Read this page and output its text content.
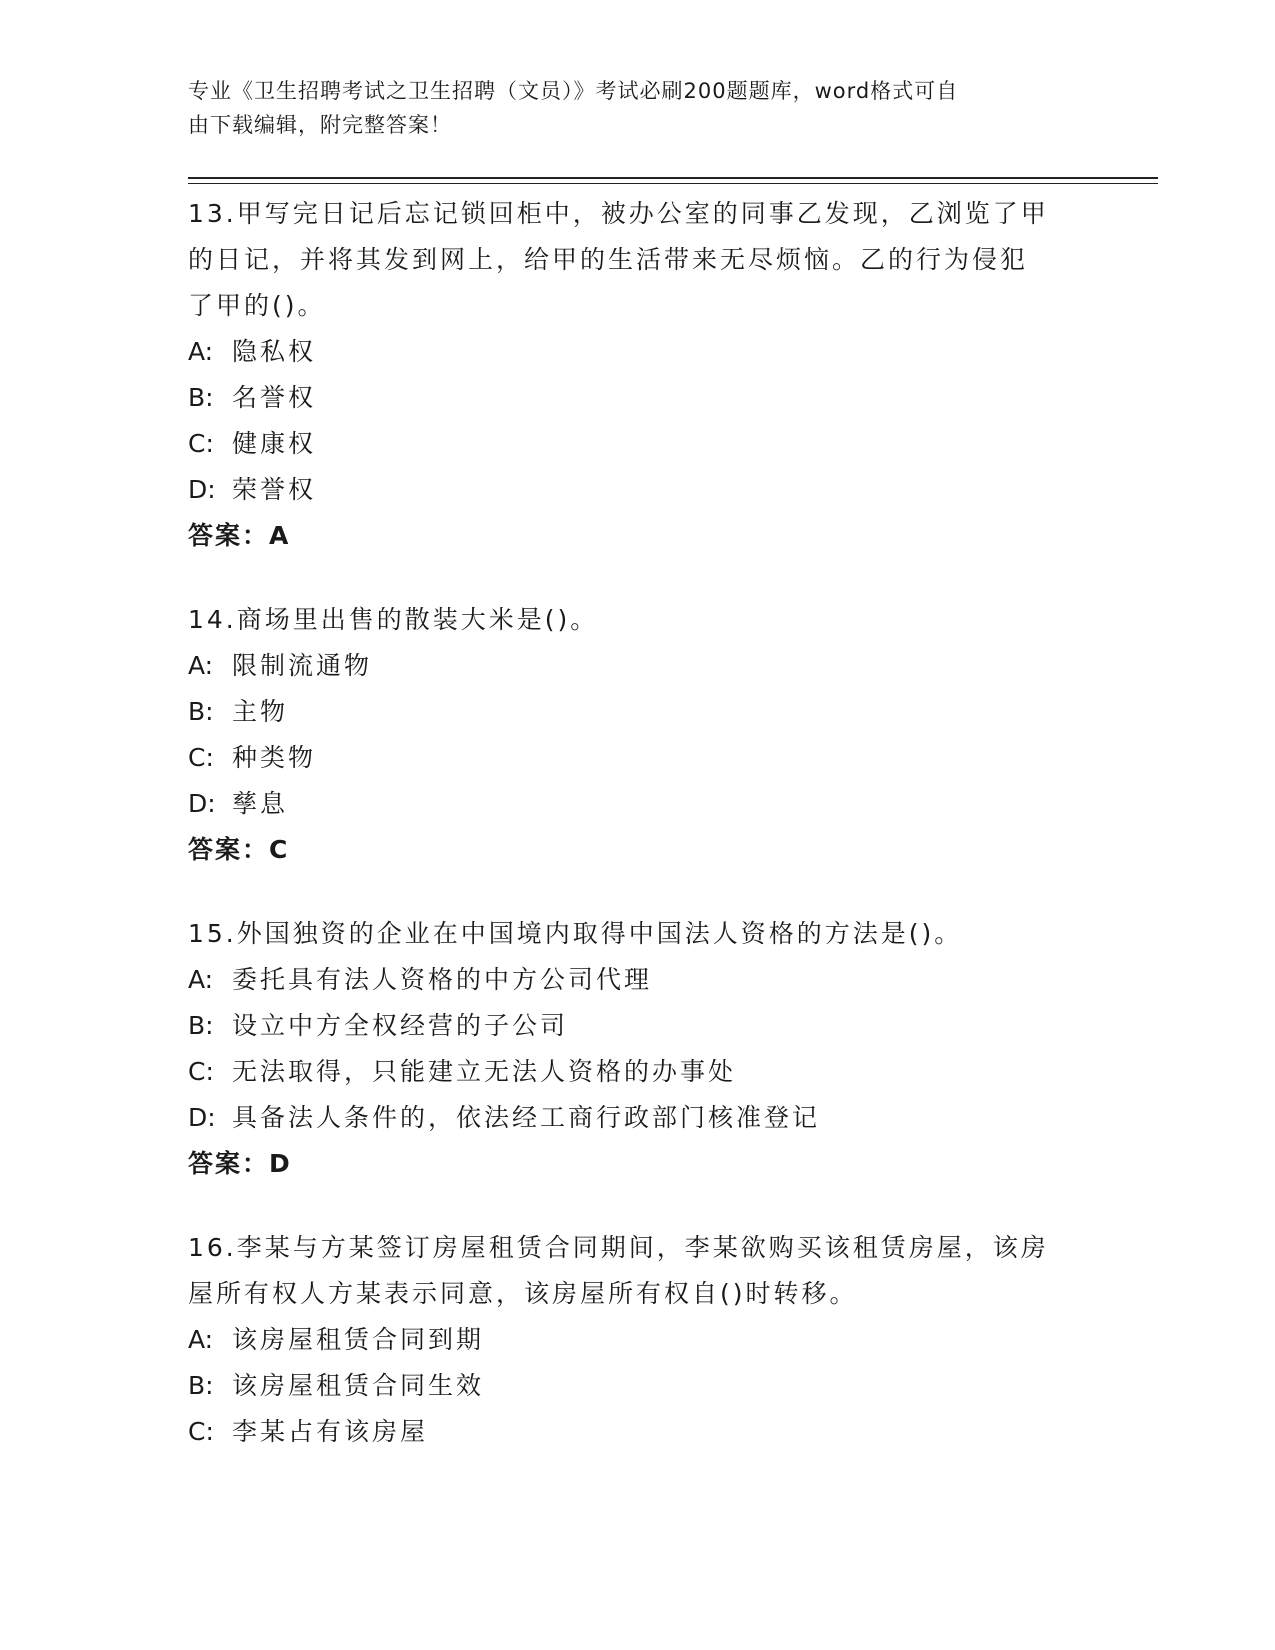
专业《卫生招聘考试之卫生招聘（文员）》考试必刷200题题库，word格式可自
由下载编辑，附完整答案！

13.甲写完日记后忘记锁回柜中，被办公室的同事乙发现，乙浏览了甲

的日记，并将其发到网上，给甲的生活带来无尽烦恼。乙的行为侵犯

了甲的()。

A: 隐私权

B: 名誉权

C: 健康权

D: 荣誉权

答案：A

14.商场里出售的散装大米是()。

A: 限制流通物

B: 主物

C: 种类物

D: 孳息

答案：C

15.外国独资的企业在中国境内取得中国法人资格的方法是()。

A: 委托具有法人资格的中方公司代理

B: 设立中方全权经营的子公司

C: 无法取得，只能建立无法人资格的办事处

D: 具备法人条件的，依法经工商行政部门核准登记

答案：D

16.李某与方某签订房屋租赁合同期间，李某欲购买该租赁房屋，该房

屋所有权人方某表示同意，该房屋所有权自()时转移。

A: 该房屋租赁合同到期

B: 该房屋租赁合同生效

C: 李某占有该房屋
